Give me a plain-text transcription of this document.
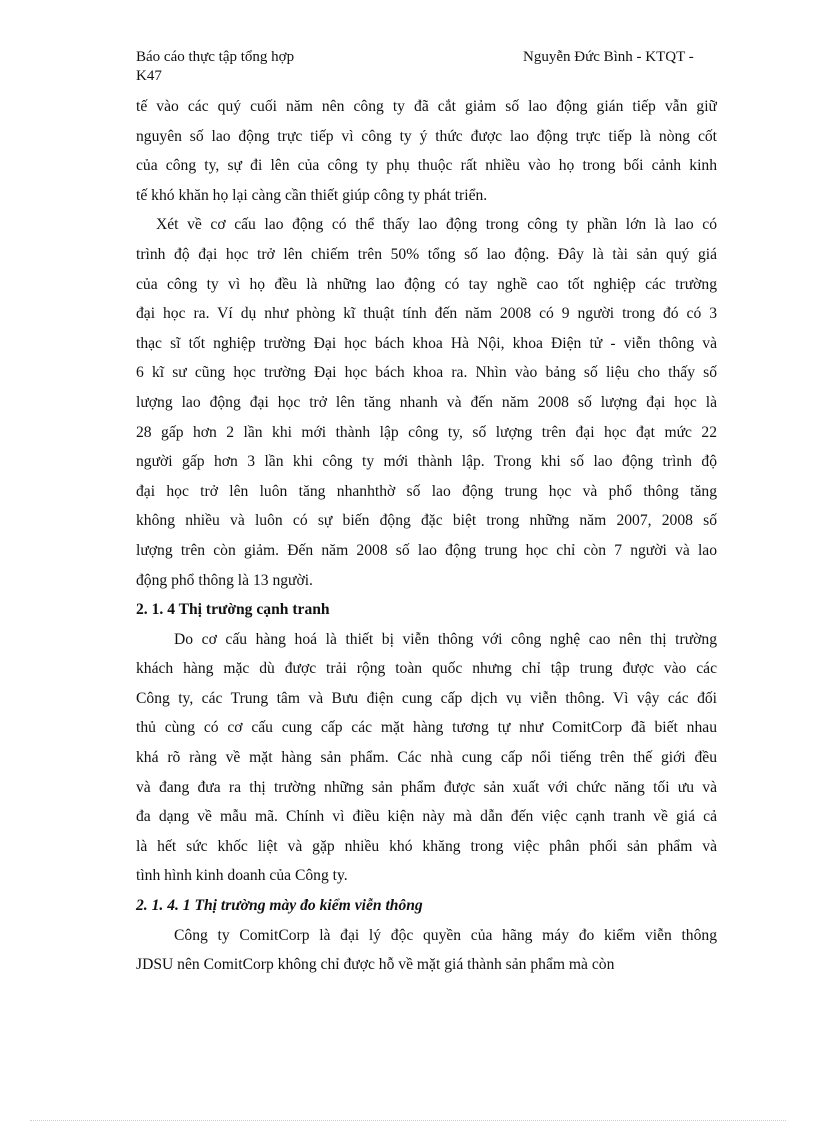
Báo cáo thực tập tổng hợp	Nguyễn Đức Bình - KTQT -
K47
tế vào các quý cuối năm nên công ty đã cắt giảm số lao động gián tiếp vẫn giữ
nguyên số lao động trực tiếp vì công ty ý thức được lao động trực tiếp là nòng cốt
của công ty, sự đi lên của công ty phụ thuộc rất nhiều vào họ trong bối cảnh kinh
tế khó khăn họ lại càng cần thiết giúp công ty phát triển.
Xét về cơ cấu lao động có thể thấy lao động trong công ty phần lớn là lao có
trình độ đại học trở lên chiếm trên 50% tổng số lao động. Đây là tài sản quý giá
của công ty vì họ đều là những lao động có tay nghề cao tốt nghiệp các trường
đại học ra. Ví dụ như phòng kĩ thuật tính đến năm 2008 có 9 người trong đó có 3
thạc sĩ tốt nghiệp trường Đại học bách khoa Hà Nội, khoa Điện tử - viễn thông và
6 kĩ sư cũng học trường Đại học bách khoa ra. Nhìn vào bảng số liệu cho thấy số
lượng lao động đại học trở lên tăng nhanh và đến năm 2008 số lượng đại học là
28 gấp hơn 2 lần khi mới thành lập công ty, số lượng trên đại học đạt mức 22
người gấp hơn 3 lần khi công ty mới thành lập. Trong khi số lao động trình độ
đại học trở lên luôn tăng nhanhthờ số lao động trung học và phổ thông tăng
không nhiều và luôn có sự biến động đặc biệt trong những năm 2007, 2008 số
lượng trên còn giảm. Đến năm 2008 số lao động trung học chỉ còn 7 người và lao
động phổ thông là 13 người.
2. 1. 4 Thị trường cạnh tranh
Do cơ cấu hàng hoá là thiết bị viễn thông với công nghệ cao nên thị trường
khách hàng mặc dù được trải rộng toàn quốc nhưng chỉ tập trung được vào các
Công ty, các Trung tâm và Bưu điện cung cấp dịch vụ viễn thông. Vì vậy các đối
thủ cùng có cơ cấu cung cấp các mặt hàng tương tự như ComitCorp đã biết nhau
khá rõ ràng về mặt hàng sản phẩm. Các nhà cung cấp nổi tiếng trên thế giới đều
và đang đưa ra thị trường những sản phẩm được sản xuất với chức năng tối ưu và
đa dạng về mẫu mã. Chính vì điều kiện này mà dẫn đến việc cạnh tranh về giá cả
là hết sức khốc liệt và gặp nhiều khó khăng trong việc phân phối sản phẩm và
tình hình kinh doanh của Công ty.
2. 1. 4. 1 Thị trường mày đo kiểm viễn thông
Công ty ComitCorp là đại lý độc quyền của hãng máy đo kiểm viễn thông
JDSU nên ComitCorp không chỉ được hỗ về mặt giá thành sản phẩm mà còn
